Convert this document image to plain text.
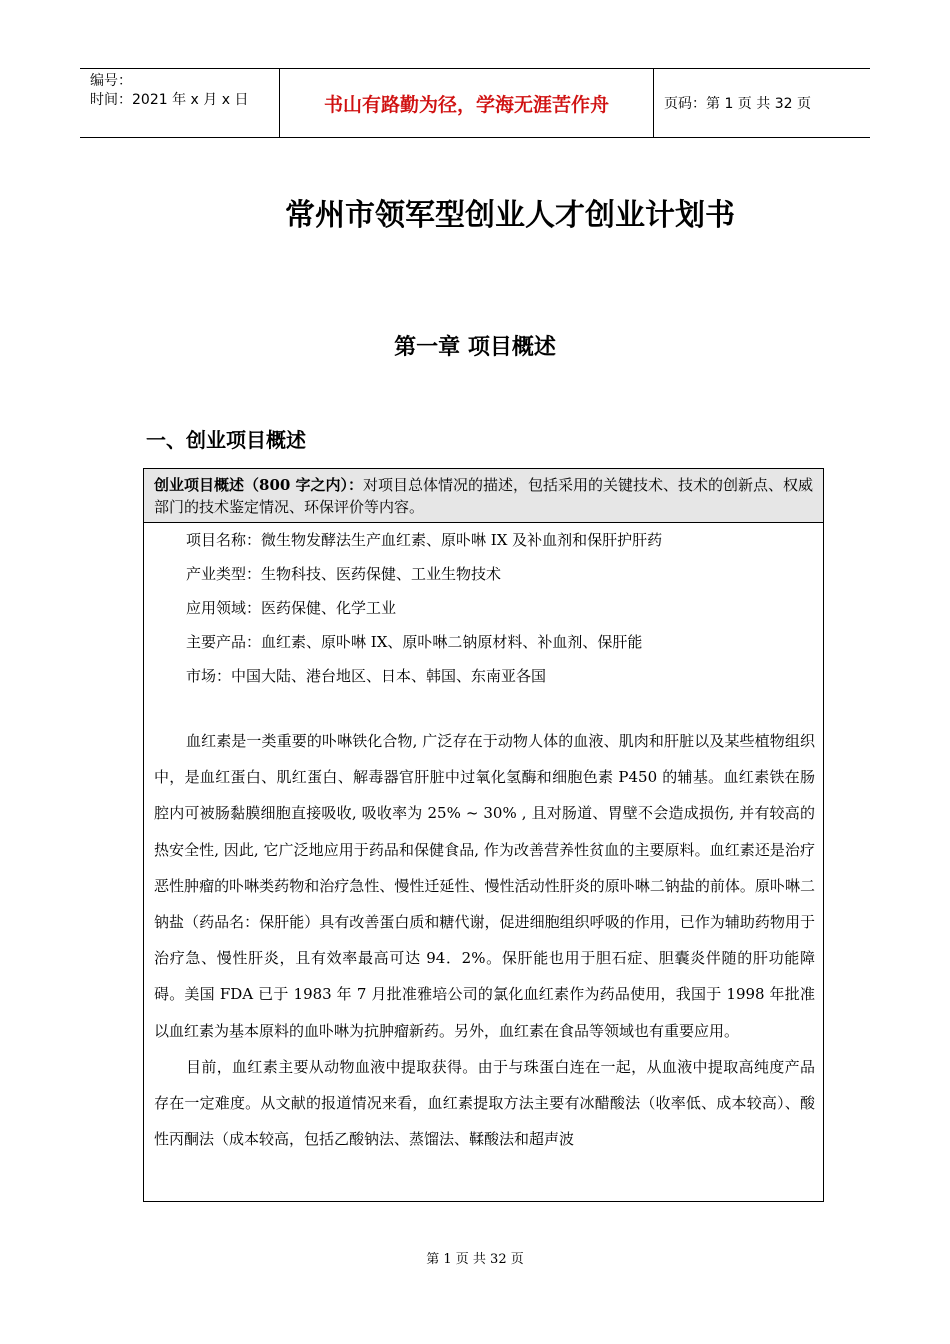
编号：
时间：2021 年 x 月 x 日	书山有路勤为径，学海无涯苦作舟	页码：第 1 页 共 32 页
常州市领军型创业人才创业计划书
第一章 项目概述
一、创业项目概述
创业项目概述（800 字之内）：对项目总体情况的描述，包括采用的关键技术、技术的创新点、权威部门的技术鉴定情况、环保评价等内容。
项目名称：微生物发酵法生产血红素、原卟啉 IX 及补血剂和保肝护肝药
产业类型：生物科技、医药保健、工业生物技术
应用领域：医药保健、化学工业
主要产品：血红素、原卟啉 IX、原卟啉二钠原材料、补血剂、保肝能
市场：中国大陆、港台地区、日本、韩国、东南亚各国

血红素是一类重要的卟啉铁化合物, 广泛存在于动物人体的血液、肌肉和肝脏以及某些植物组织中，是血红蛋白、肌红蛋白、解毒器官肝脏中过氧化氢酶和细胞色素 P450 的辅基。血红素铁在肠腔内可被肠黏膜细胞直接吸收, 吸收率为 25% ~ 30% , 且对肠道、胃壁不会造成损伤, 并有较高的热安全性, 因此, 它广泛地应用于药品和保健食品, 作为改善营养性贫血的主要原料。血红素还是治疗恶性肿瘤的卟啉类药物和治疗急性、慢性迁延性、慢性活动性肝炎的原卟啉二钠盐的前体。原卟啉二钠盐（药品名：保肝能）具有改善蛋白质和糖代谢，促进细胞组织呼吸的作用，已作为辅助药物用于治疗急、慢性肝炎，且有效率最高可达 94．2%。保肝能也用于胆石症、胆囊炎伴随的肝功能障碍。美国 FDA 已于 1983 年 7 月批准雅培公司的氯化血红素作为药品使用，我国于 1998 年批准以血红素为基本原料的血卟啉为抗肿瘤新药。另外，血红素在食品等领域也有重要应用。

目前，血红素主要从动物血液中提取获得。由于与珠蛋白连在一起，从血液中提取高纯度产品存在一定难度。从文献的报道情况来看，血红素提取方法主要有冰醋酸法（收率低、成本较高）、酸性丙酮法（成本较高，包括乙酸钠法、蒸馏法、鞣酸法和超声波

第 1 页 共 32 页
